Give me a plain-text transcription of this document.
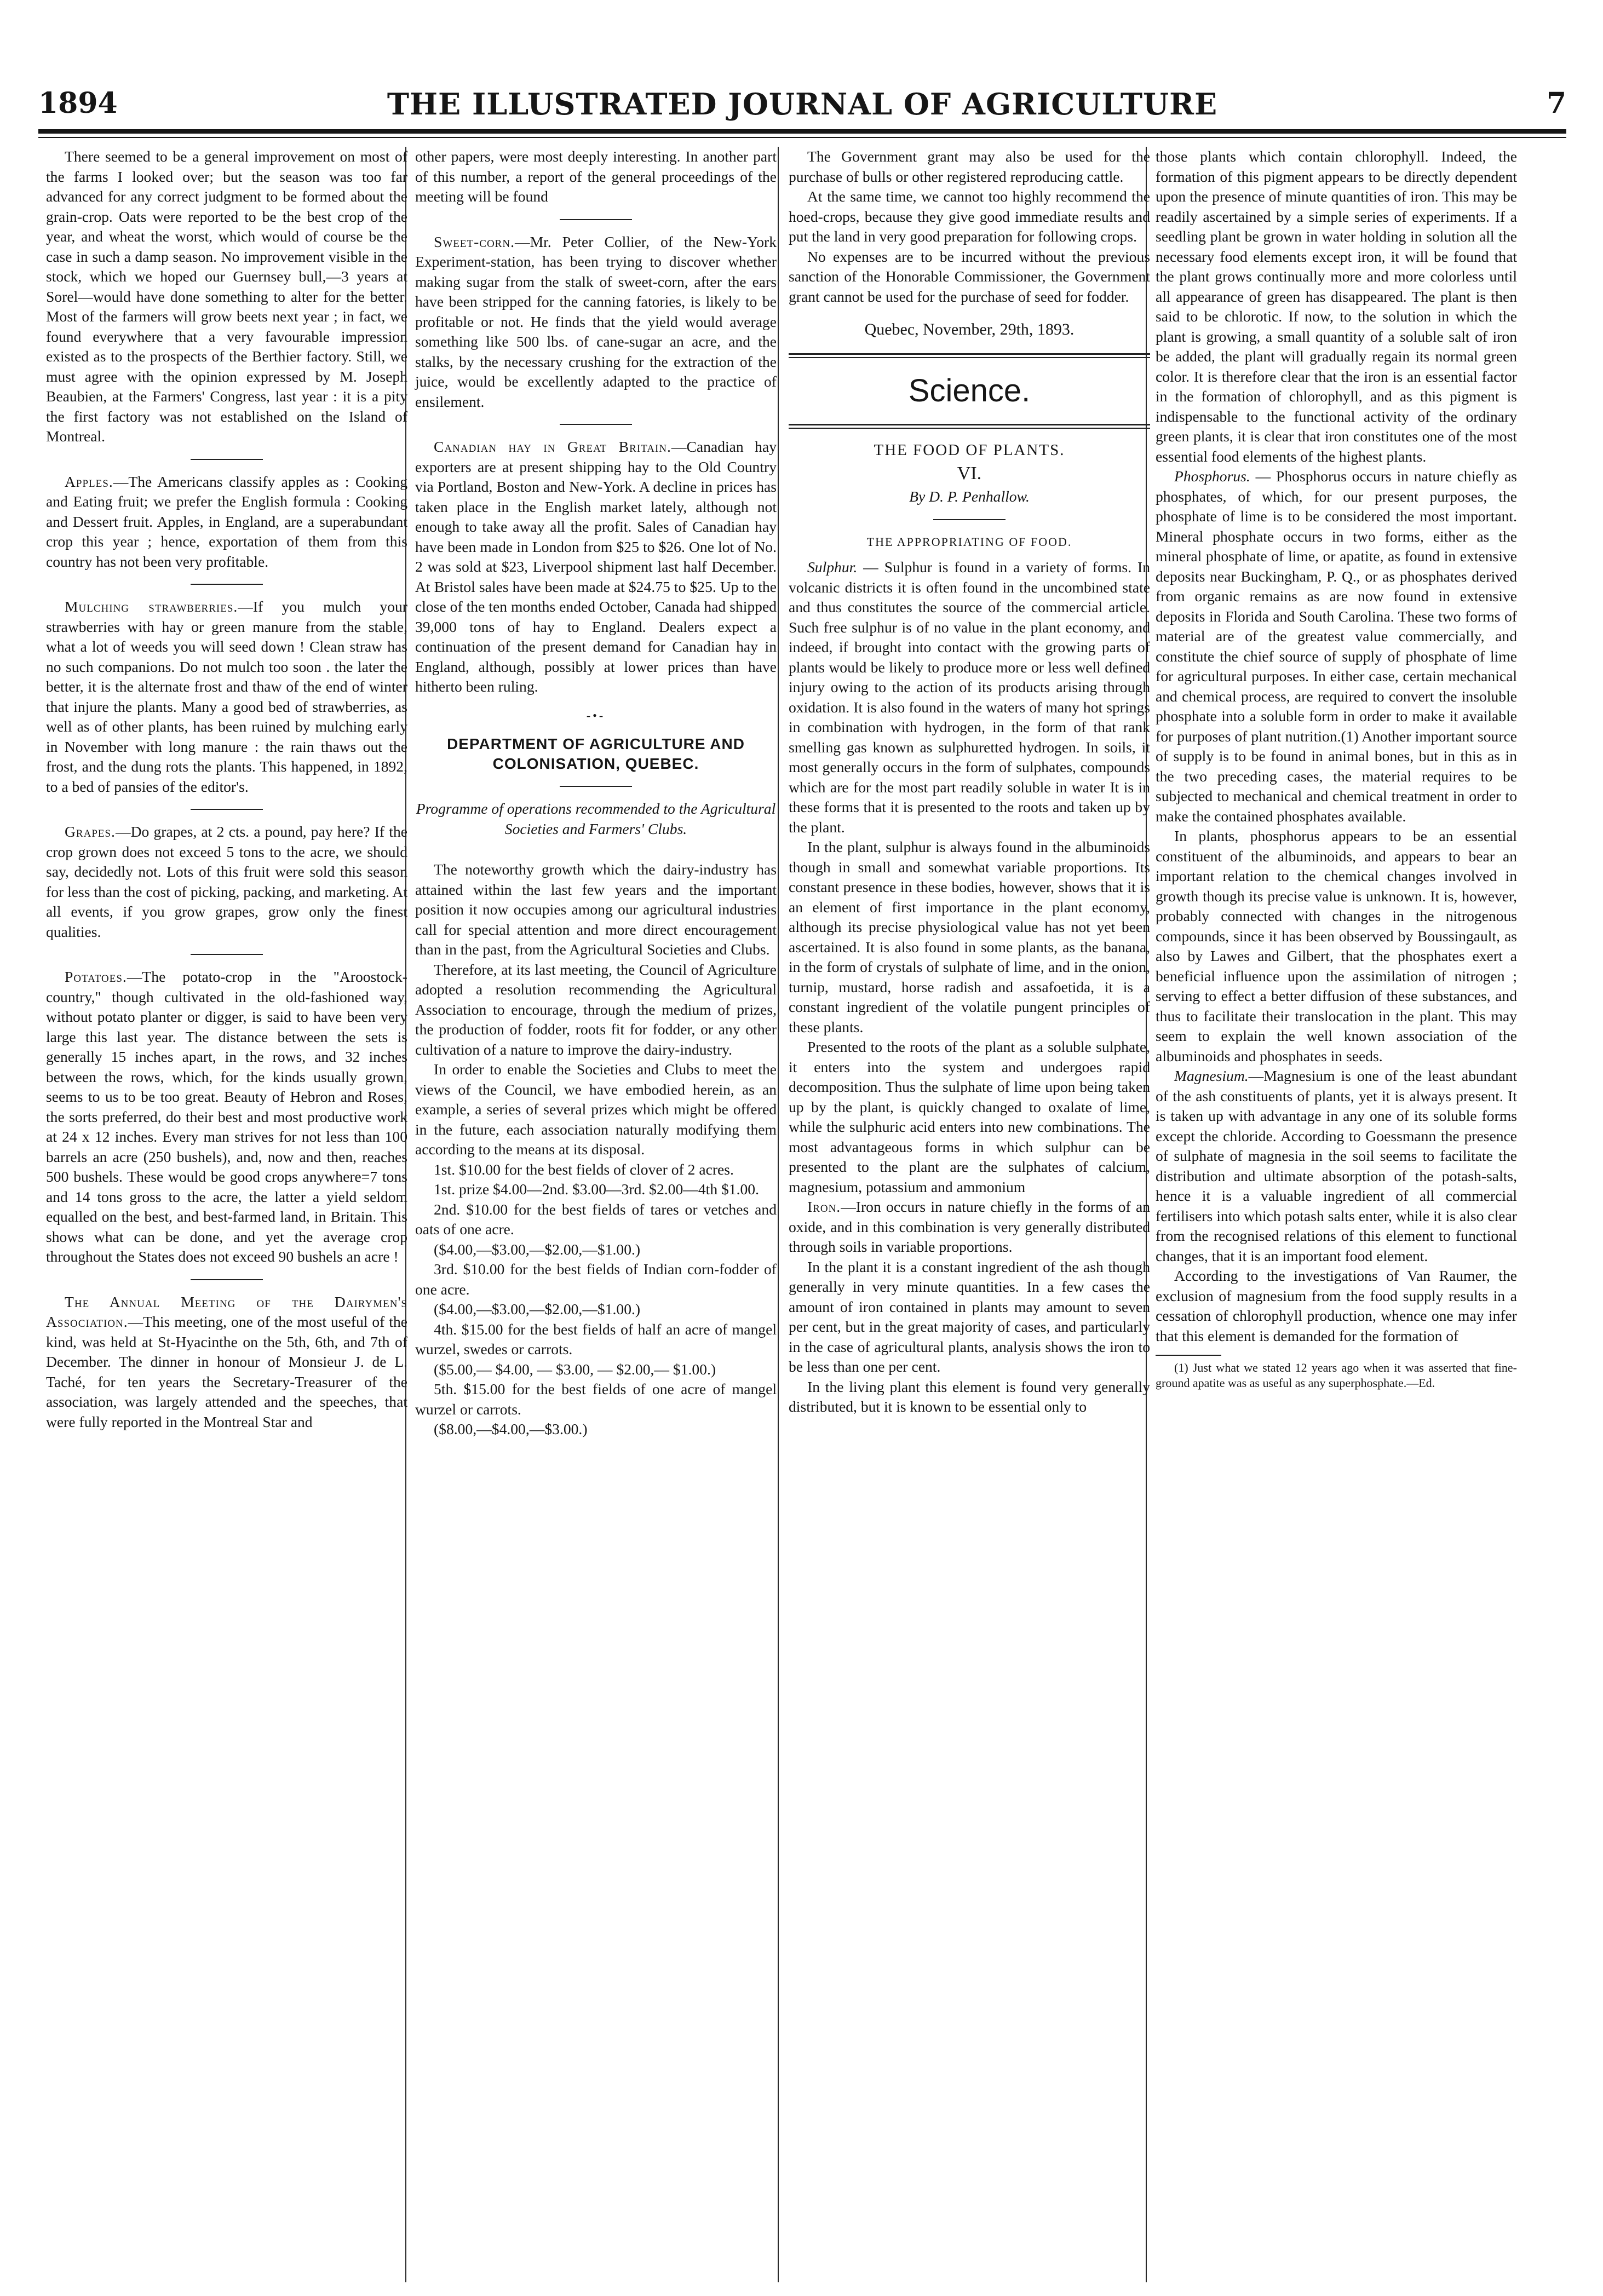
1894	THE ILLUSTRATED JOURNAL OF AGRICULTURE	7

There seemed to be a general improvement on most of the farms I looked over; but the season was too far advanced for any correct judgment to be formed about the grain-crop. Oats were reported to be the best crop of the year, and wheat the worst, which would of course be the case in such a damp season. No improvement visible in the stock, which we hoped our Guernsey bull,—3 years at Sorel—would have done something to alter for the better. Most of the farmers will grow beets next year ; in fact, we found everywhere that a very favourable impression existed as to the prospects of the Berthier factory. Still, we must agree with the opinion expressed by M. Joseph Beaubien, at the Farmers' Congress, last year : it is a pity the first factory was not established on the Island of Montreal.

Apples.—The Americans classify apples as : Cooking and Eating fruit; we prefer the English formula : Cooking and Dessert fruit. Apples, in England, are a superabundant crop this year ; hence, exportation of them from this country has not been very profitable.

Mulching strawberries.—If you mulch your strawberries with hay or green manure from the stable, what a lot of weeds you will seed down ! Clean straw has no such companions. Do not mulch too soon . the later the better, it is the alternate frost and thaw of the end of winter that injure the plants. Many a good bed of strawberries, as well as of other plants, has been ruined by mulching early in November with long manure : the rain thaws out the frost, and the dung rots the plants. This happened, in 1892, to a bed of pansies of the editor's.

Grapes.—Do grapes, at 2 cts. a pound, pay here? If the crop grown does not exceed 5 tons to the acre, we should say, decidedly not. Lots of this fruit were sold this season for less than the cost of picking, packing, and marketing. At all events, if you grow grapes, grow only the finest qualities.

Potatoes.—The potato-crop in the "Aroostock-country," though cultivated in the old-fashioned way, without potato planter or digger, is said to have been very large this last year. The distance between the sets is generally 15 inches apart, in the rows, and 32 inches between the rows, which, for the kinds usually grown, seems to us to be too great. Beauty of Hebron and Roses, the sorts preferred, do their best and most productive work at 24 x 12 inches. Every man strives for not less than 100 barrels an acre (250 bushels), and, now and then, reaches 500 bushels. These would be good crops anywhere=7 tons and 14 tons gross to the acre, the latter a yield seldom equalled on the best, and best-farmed land, in Britain. This shows what can be done, and yet the average crop throughout the States does not exceed 90 bushels an acre !

The Annual Meeting of the Dairymen's Association.—This meeting, one of the most useful of the kind, was held at St-Hyacinthe on the 5th, 6th, and 7th of December. The dinner in honour of Monsieur J. de L. Taché, for ten years the Secretary-Treasurer of the association, was largely attended and the speeches, that were fully reported in the Montreal Star and

other papers, were most deeply interesting. In another part of this number, a report of the general proceedings of the meeting will be found

Sweet-corn.—Mr. Peter Collier, of the New-York Experiment-station, has been trying to discover whether making sugar from the stalk of sweet-corn, after the ears have been stripped for the canning fatories, is likely to be profitable or not. He finds that the yield would average something like 500 lbs. of cane-sugar an acre, and the stalks, by the necessary crushing for the extraction of the juice, would be excellently adapted to the practice of ensilement.

Canadian hay in Great Britain.—Canadian hay exporters are at present shipping hay to the Old Country via Portland, Boston and New-York. A decline in prices has taken place in the English market lately, although not enough to take away all the profit. Sales of Canadian hay have been made in London from $25 to $26. One lot of No. 2 was sold at $23, Liverpool shipment last half December. At Bristol sales have been made at $24.75 to $25. Up to the close of the ten months ended October, Canada had shipped 39,000 tons of hay to England. Dealers expect a continuation of the present demand for Canadian hay in England, although, possibly at lower prices than have hitherto been ruling.

-•-
DEPARTMENT OF AGRICULTURE AND COLONISATION, QUEBEC.

Programme of operations recommended to the Agricultural Societies and Farmers' Clubs.

The noteworthy growth which the dairy-industry has attained within the last few years and the important position it now occupies among our agricultural industries call for special attention and more direct encouragement than in the past, from the Agricultural Societies and Clubs.

Therefore, at its last meeting, the Council of Agriculture adopted a resolution recommending the Agricultural Association to encourage, through the medium of prizes, the production of fodder, roots fit for fodder, or any other cultivation of a nature to improve the dairy-industry.

In order to enable the Societies and Clubs to meet the views of the Council, we have embodied herein, as an example, a series of several prizes which might be offered in the future, each association naturally modifying them according to the means at its disposal.

1st. $10.00 for the best fields of clover of 2 acres.

1st. prize $4.00—2nd. $3.00—3rd. $2.00—4th $1.00.

2nd. $10.00 for the best fields of tares or vetches and oats of one acre.

($4.00,—$3.00,—$2.00,—$1.00.)

3rd. $10.00 for the best fields of Indian corn-fodder of one acre.

($4.00,—$3.00,—$2.00,—$1.00.)

4th. $15.00 for the best fields of half an acre of mangel wurzel, swedes or carrots.

($5.00,— $4.00, — $3.00, — $2.00,— $1.00.)

5th. $15.00 for the best fields of one acre of mangel wurzel or carrots.

($8.00,—$4.00,—$3.00.)

The Government grant may also be used for the purchase of bulls or other registered reproducing cattle.

At the same time, we cannot too highly recommend the hoed-crops, because they give good immediate results and put the land in very good preparation for following crops.

No expenses are to be incurred without the previous sanction of the Honorable Commissioner, the Government grant cannot be used for the purchase of seed for fodder.

Quebec, November, 29th, 1893.
Science.
THE FOOD OF PLANTS.
VI.

By D. P. Penhallow.

THE APPROPRIATING OF FOOD.

Sulphur. — Sulphur is found in a variety of forms. In volcanic districts it is often found in the uncombined state and thus constitutes the source of the commercial article. Such free sulphur is of no value in the plant economy, and indeed, if brought into contact with the growing parts of plants would be likely to produce more or less well defined injury owing to the action of its products arising through oxidation. It is also found in the waters of many hot springs in combination with hydrogen, in the form of that rank smelling gas known as sulphuretted hydrogen. In soils, it most generally occurs in the form of sulphates, compounds which are for the most part readily soluble in water It is in these forms that it is presented to the roots and taken up by the plant.

In the plant, sulphur is always found in the albuminoids though in small and somewhat variable proportions. Its constant presence in these bodies, however, shows that it is an element of first importance in the plant economy, although its precise physiological value has not yet been ascertained. It is also found in some plants, as the banana, in the form of crystals of sulphate of lime, and in the onion, turnip, mustard, horse radish and assafoetida, it is a constant ingredient of the volatile pungent principles of these plants.

Presented to the roots of the plant as a soluble sulphate, it enters into the system and undergoes rapid decomposition. Thus the sulphate of lime upon being taken up by the plant, is quickly changed to oxalate of lime, while the sulphuric acid enters into new combinations. The most advantageous forms in which sulphur can be presented to the plant are the sulphates of calcium, magnesium, potassium and ammonium

Iron.—Iron occurs in nature chiefly in the forms of an oxide, and in this combination is very generally distributed through soils in variable proportions.

In the plant it is a constant ingredient of the ash though generally in very minute quantities. In a few cases the amount of iron contained in plants may amount to seven per cent, but in the great majority of cases, and particularly in the case of agricultural plants, analysis shows the iron to be less than one per cent.

In the living plant this element is found very generally distributed, but it is known to be essential only to

those plants which contain chlorophyll. Indeed, the formation of this pigment appears to be directly dependent upon the presence of minute quantities of iron. This may be readily ascertained by a simple series of experiments. If a seedling plant be grown in water holding in solution all the necessary food elements except iron, it will be found that the plant grows continually more and more colorless until all appearance of green has disappeared. The plant is then said to be chlorotic. If now, to the solution in which the plant is growing, a small quantity of a soluble salt of iron be added, the plant will gradually regain its normal green color. It is therefore clear that the iron is an essential factor in the formation of chlorophyll, and as this pigment is indispensable to the functional activity of the ordinary green plants, it is clear that iron constitutes one of the most essential food elements of the highest plants.

Phosphorus. — Phosphorus occurs in nature chiefly as phosphates, of which, for our present purposes, the phosphate of lime is to be considered the most important. Mineral phosphate occurs in two forms, either as the mineral phosphate of lime, or apatite, as found in extensive deposits near Buckingham, P. Q., or as phosphates derived from organic remains as are now found in extensive deposits in Florida and South Carolina. These two forms of material are of the greatest value commercially, and constitute the chief source of supply of phosphate of lime for agricultural purposes. In either case, certain mechanical and chemical process, are required to convert the insoluble phosphate into a soluble form in order to make it available for purposes of plant nutrition.(1) Another important source of supply is to be found in animal bones, but in this as in the two preceding cases, the material requires to be subjected to mechanical and chemical treatment in order to make the contained phosphates available.

In plants, phosphorus appears to be an essential constituent of the albuminoids, and appears to bear an important relation to the chemical changes involved in growth though its precise value is unknown. It is, however, probably connected with changes in the nitrogenous compounds, since it has been observed by Boussingault, as also by Lawes and Gilbert, that the phosphates exert a beneficial influence upon the assimilation of nitrogen ; serving to effect a better diffusion of these substances, and thus to facilitate their translocation in the plant. This may seem to explain the well known association of the albuminoids and phosphates in seeds.

Magnesium.—Magnesium is one of the least abundant of the ash constituents of plants, yet it is always present. It is taken up with advantage in any one of its soluble forms except the chloride. According to Goessmann the presence of sulphate of magnesia in the soil seems to facilitate the distribution and ultimate absorption of the potash-salts, hence it is a valuable ingredient of all commercial fertilisers into which potash salts enter, while it is also clear from the recognised relations of this element to functional changes, that it is an important food element.

According to the investigations of Van Raumer, the exclusion of magnesium from the food supply results in a cessation of chlorophyll production, whence one may infer that this element is demanded for the formation of

(1) Just what we stated 12 years ago when it was asserted that fine-ground apatite was as useful as any superphosphate.—Ed.
